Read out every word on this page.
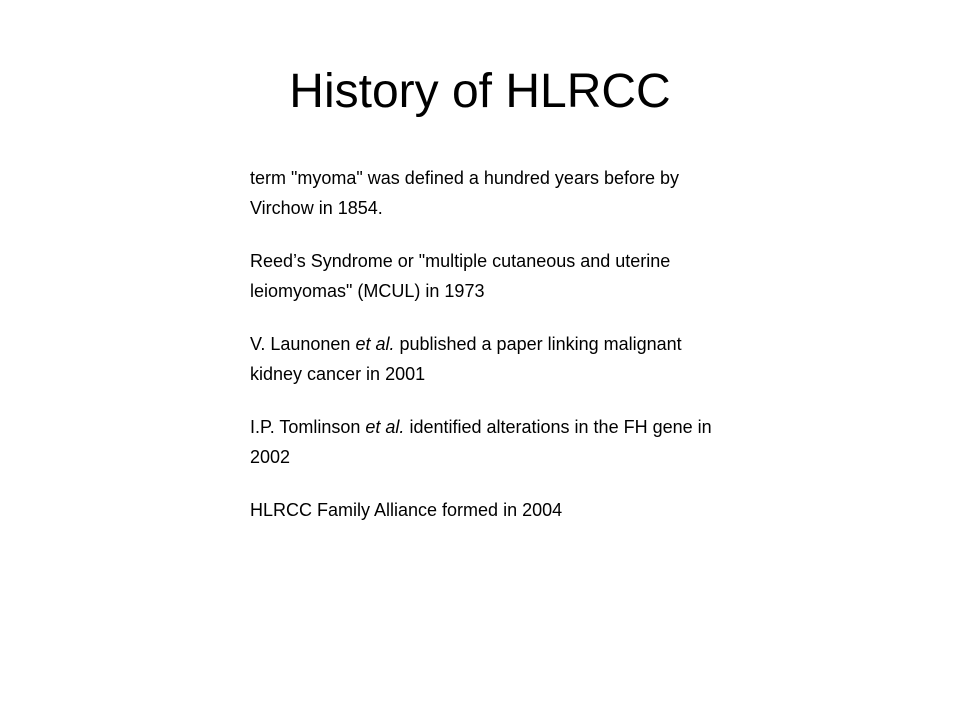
History of HLRCC

term "myoma" was defined a hundred years before by Virchow in 1854.

Reed’s Syndrome or "multiple cutaneous and uterine leiomyomas" (MCUL) in 1973

V. Launonen et al. published a paper linking malignant kidney cancer in 2001

I.P. Tomlinson et al. identified alterations in the FH gene in 2002

HLRCC Family Alliance formed in 2004
